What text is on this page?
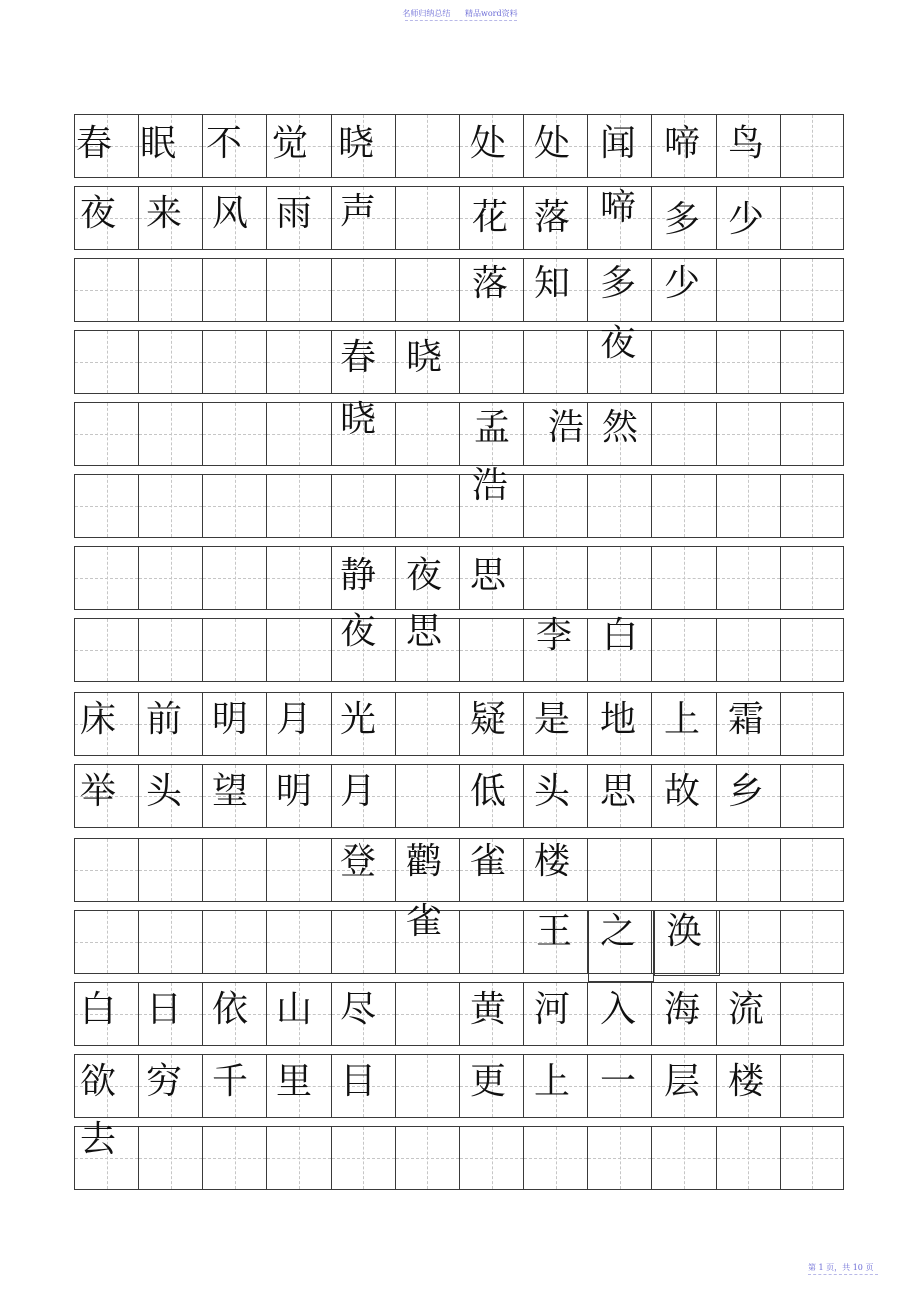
名师归纳总结 精品word资料
春 眠 不 觉 晓	处 处 闻 啼 鸟
夜 来 风 雨 声	花 落 啼 多 少
落 知 多 少
夜
春 晓
晓	孟 浩 然
浩
静 夜 思
夜 思	李 白
床 前 明 月 光	疑 是 地 上 霜
举 头 望 明 月	低 头 思 故 乡
登 鹳 雀 楼
雀	王 之 涣
白 日 依 山 尽	黄 河 入 海 流
欲 穷 千 里 目	更 上 一 层 楼
去
第 1 页，共 10 页
